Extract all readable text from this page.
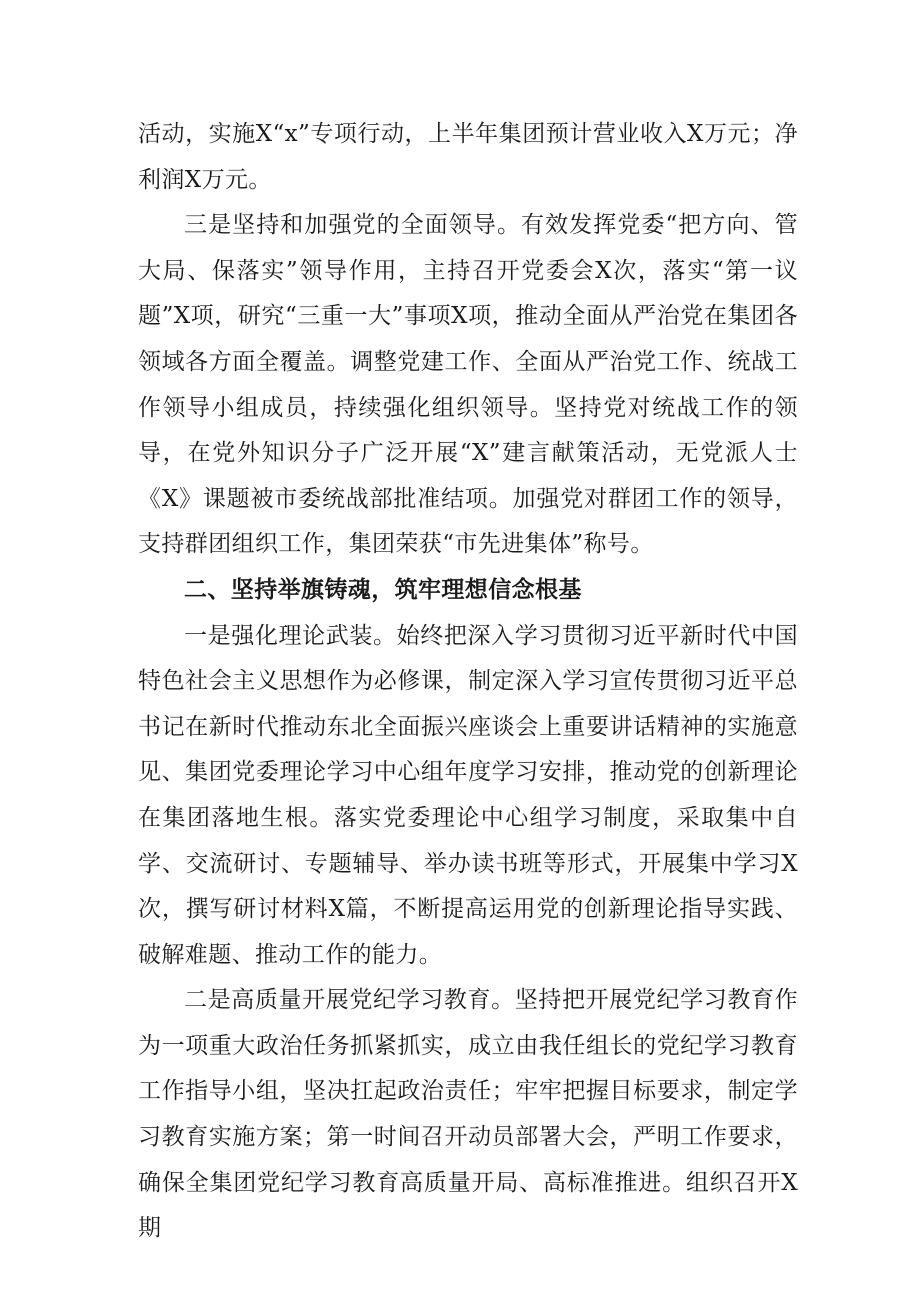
活动，实施X“x”专项行动，上半年集团预计营业收入X万元；净利润X万元。

三是坚持和加强党的全面领导。有效发挥党委“把方向、管大局、保落实”领导作用，主持召开党委会X次，落实“第一议题”X项，研究“三重一大”事项X项，推动全面从严治党在集团各领域各方面全覆盖。调整党建工作、全面从严治党工作、统战工作领导小组成员，持续强化组织领导。坚持党对统战工作的领导，在党外知识分子广泛开展“X”建言献策活动，无党派人士《X》课题被市委统战部批准结项。加强党对群团工作的领导，支持群团组织工作，集团荣获“市先进集体”称号。

二、坚持举旗铸魂，筑牢理想信念根基

一是强化理论武装。始终把深入学习贯彻习近平新时代中国特色社会主义思想作为必修课，制定深入学习宣传贯彻习近平总书记在新时代推动东北全面振兴座谈会上重要讲话精神的实施意见、集团党委理论学习中心组年度学习安排，推动党的创新理论在集团落地生根。落实党委理论中心组学习制度，采取集中自学、交流研讨、专题辅导、举办读书班等形式，开展集中学习X次，撰写研讨材料X篇，不断提高运用党的创新理论指导实践、破解难题、推动工作的能力。

二是高质量开展党纪学习教育。坚持把开展党纪学习教育作为一项重大政治任务抓紧抓实，成立由我任组长的党纪学习教育工作指导小组，坚决扛起政治责任；牢牢把握目标要求，制定学习教育实施方案；第一时间召开动员部署大会，严明工作要求，确保全集团党纪学习教育高质量开局、高标准推进。组织召开X期
